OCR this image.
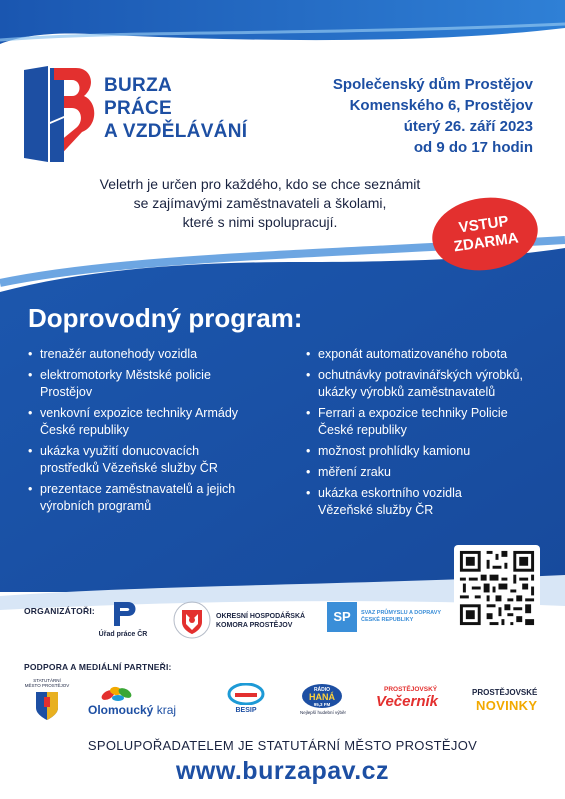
BURZA
PRÁCE
A VZDĚLÁVÁNÍ
Společenský dům Prostějov
Komenského 6, Prostějov
úterý 26. září 2023
od 9 do 17 hodin
Veletrh je určen pro každého, kdo se chce seznámit
se zajímavými zaměstnavateli a školami,
které s nimi spolupracují.	VSTUP
ZDARMA
Doprovodný program:
• trenažér autonehody vozidla
• elektromotorky Městské policie
Prostějov
• venkovní expozice techniky Armády
České republiky
• ukázka využití donucovacích
prostředků Vězeňské služby ČR
• prezentace zaměstnavatelů a jejich
výrobních programů
• exponát automatizovaného robota
• ochutnávky potravinářských výrobků,
ukázky výrobků zaměstnavatelů
• Ferrari a expozice techniky Policie
České republiky
• možnost prohlídky kamionu
• měření zraku
• ukázka eskortního vozidla
Vězeňské služby ČR
ORGANIZÁTOŘI:
Úřad práce ČR
OKRESNÍ HOSPODÁŘSKÁ
KOMORA PROSTĚJOV
SP	SVAZ PRŮMYSLU A DOPRAVY
ČESKÉ REPUBLIKY
PODPORA A MEDIÁLNÍ PARTNEŘI:
STATUTÁRNÍ
MĚSTO PROSTĚJOV
Olomoucký kraj	BESIP
RÁDIO
HANÁ
95,3 FM
Nejlepší hudební výběr
PROSTĚJOVSKÝ
Večerník
PROSTĚJOVSKÉ
NOVINKY
SPOLUPOŘADATELEM JE STATUTÁRNÍ MĚSTO PROSTĚJOV
www.burzapav.cz
